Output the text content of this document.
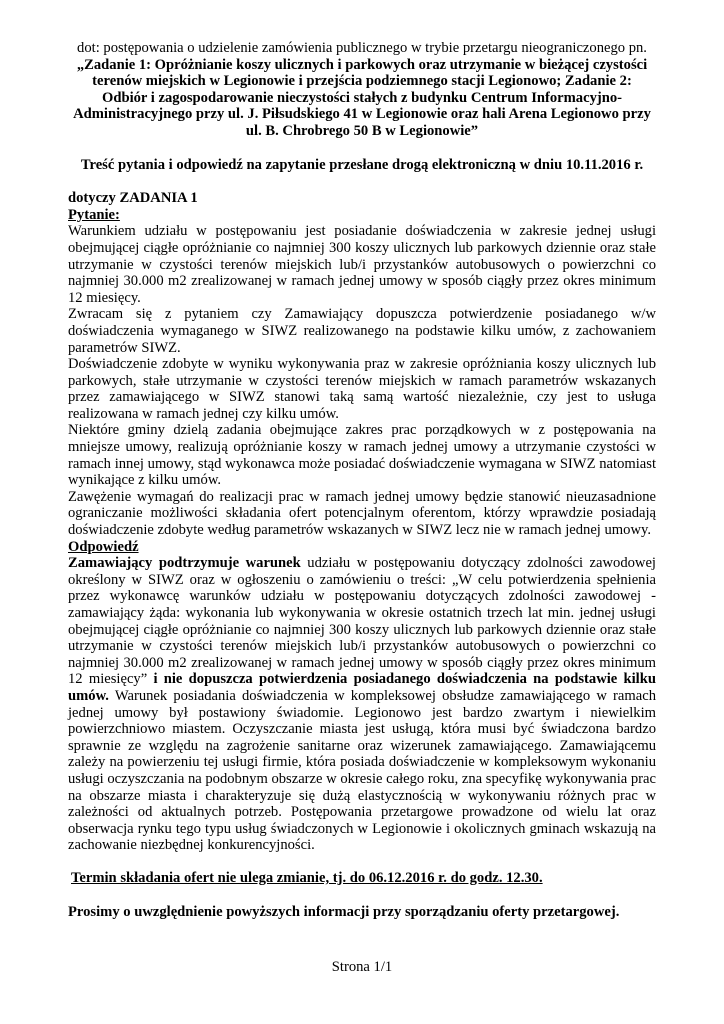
dot: postępowania o udzielenie zamówienia publicznego w trybie przetargu nieograniczonego pn.

„Zadanie 1: Opróżnianie koszy ulicznych i parkowych oraz utrzymanie w bieżącej czystości terenów miejskich w Legionowie i przejścia podziemnego stacji Legionowo; Zadanie 2: Odbiór i zagospodarowanie nieczystości stałych z budynku Centrum Informacyjno-Administracyjnego przy ul. J. Piłsudskiego 41 w Legionowie oraz hali Arena Legionowo przy ul. B. Chrobrego 50 B w Legionowie”

Treść pytania i odpowiedź na zapytanie przesłane drogą elektroniczną w dniu 10.11.2016 r.

dotyczy ZADANIA 1

Pytanie:

Warunkiem udziału w postępowaniu jest posiadanie doświadczenia w zakresie jednej usługi obejmującej ciągłe opróżnianie co najmniej 300 koszy ulicznych lub parkowych dziennie oraz stałe utrzymanie w czystości terenów miejskich lub/i przystanków autobusowych o powierzchni co najmniej 30.000 m2 zrealizowanej w ramach jednej umowy w sposób ciągły przez okres minimum 12 miesięcy.

Zwracam się z pytaniem czy Zamawiający dopuszcza potwierdzenie posiadanego w/w doświadczenia wymaganego w SIWZ realizowanego na podstawie kilku umów, z zachowaniem parametrów SIWZ.

Doświadczenie zdobyte w wyniku wykonywania praz w zakresie opróżniania koszy ulicznych lub parkowych, stałe utrzymanie w czystości terenów miejskich w ramach parametrów wskazanych przez zamawiającego w SIWZ stanowi taką samą wartość niezależnie, czy jest to usługa realizowana w ramach jednej czy kilku umów.

Niektóre gminy dzielą zadania obejmujące zakres prac porządkowych w z postępowania na mniejsze umowy, realizują opróżnianie koszy w ramach jednej umowy a utrzymanie czystości w ramach innej umowy, stąd wykonawca może posiadać doświadczenie wymagana w SIWZ natomiast wynikające z kilku umów.

Zawężenie wymagań do realizacji prac w ramach jednej umowy będzie stanowić nieuzasadnione ograniczanie możliwości składania ofert potencjalnym oferentom, którzy wprawdzie posiadają doświadczenie zdobyte według parametrów wskazanych w SIWZ lecz nie w ramach jednej umowy.

Odpowiedź

Zamawiający podtrzymuje warunek udziału w postępowaniu dotyczący zdolności zawodowej określony w SIWZ oraz w ogłoszeniu o zamówieniu o treści: „W celu potwierdzenia spełnienia przez wykonawcę warunków udziału w postępowaniu dotyczących zdolności zawodowej - zamawiający żąda: wykonania lub wykonywania w okresie ostatnich trzech lat min. jednej usługi obejmującej ciągłe opróżnianie co najmniej 300 koszy ulicznych lub parkowych dziennie oraz stałe utrzymanie w czystości terenów miejskich lub/i przystanków autobusowych o powierzchni co najmniej 30.000 m2 zrealizowanej w ramach jednej umowy w sposób ciągły przez okres minimum 12 miesięcy” i nie dopuszcza potwierdzenia posiadanego doświadczenia na podstawie kilku umów. Warunek posiadania doświadczenia w kompleksowej obsłudze zamawiającego w ramach jednej umowy był postawiony świadomie. Legionowo jest bardzo zwartym i niewielkim powierzchniowo miastem. Oczyszczanie miasta jest usługą, która musi być świadczona bardzo sprawnie ze względu na zagrożenie sanitarne oraz wizerunek zamawiającego. Zamawiającemu zależy na powierzeniu tej usługi firmie, która posiada doświadczenie w kompleksowym wykonaniu usługi oczyszczania na podobnym obszarze w okresie całego roku, zna specyfikę wykonywania prac na obszarze miasta i charakteryzuje się dużą elastycznością w wykonywaniu różnych prac w zależności od aktualnych potrzeb. Postępowania przetargowe prowadzone od wielu lat oraz obserwacja rynku tego typu usług świadczonych w Legionowie i okolicznych gminach wskazują na zachowanie niezbędnej konkurencyjności.

Termin składania ofert nie ulega zmianie, tj. do 06.12.2016 r. do godz. 12.30.

Prosimy o uwzględnienie powyższych informacji przy sporządzaniu oferty przetargowej.

Strona 1/1
